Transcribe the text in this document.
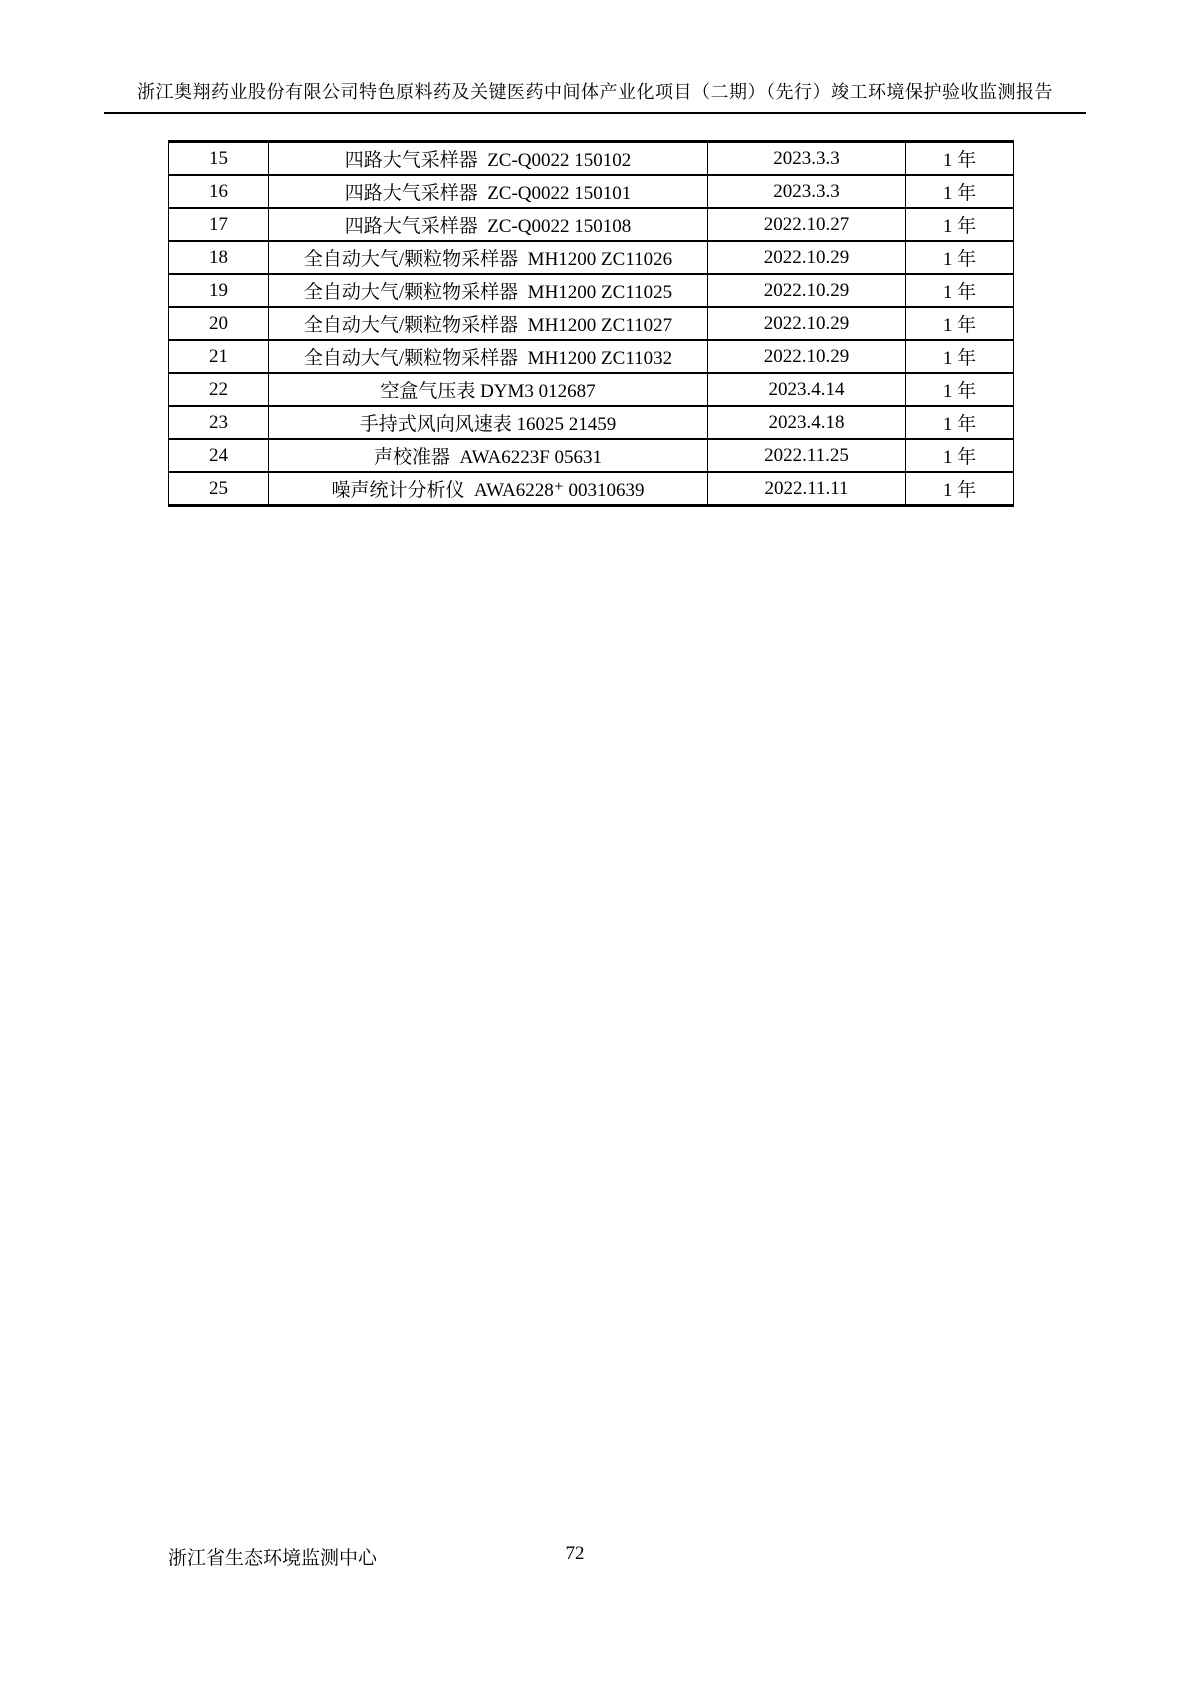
浙江奥翔药业股份有限公司特色原料药及关键医药中间体产业化项目（二期）（先行）竣工环境保护验收监测报告
15	四路大气采样器  ZC-Q0022 150102	2023.3.3	1 年
16	四路大气采样器  ZC-Q0022 150101	2023.3.3	1 年
17	四路大气采样器  ZC-Q0022 150108	2022.10.27	1 年
18	全自动大气/颗粒物采样器  MH1200 ZC11026	2022.10.29	1 年
19	全自动大气/颗粒物采样器  MH1200 ZC11025	2022.10.29	1 年
20	全自动大气/颗粒物采样器  MH1200 ZC11027	2022.10.29	1 年
21	全自动大气/颗粒物采样器  MH1200 ZC11032	2022.10.29	1 年
22	空盒气压表 DYM3 012687	2023.4.14	1 年
23	手持式风向风速表 16025 21459	2023.4.18	1 年
24	声校准器  AWA6223F 05631	2022.11.25	1 年
25	噪声统计分析仪  AWA6228⁺ 00310639	2022.11.11	1 年
浙江省生态环境监测中心	72
